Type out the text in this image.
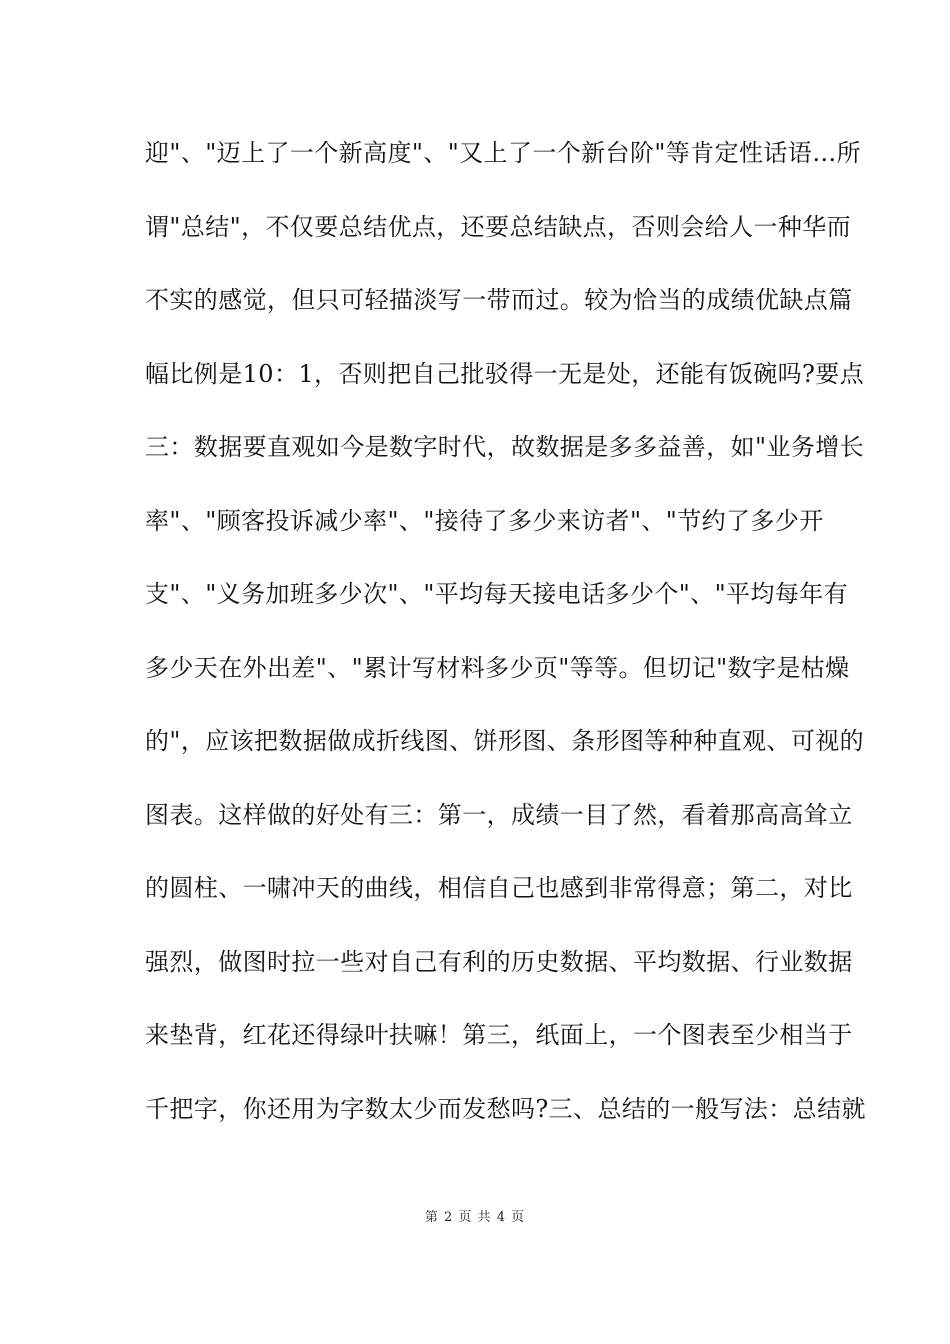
迎"、"迈上了一个新高度"、"又上了一个新台阶"等肯定性话语…所
谓"总结"，不仅要总结优点，还要总结缺点，否则会给人一种华而
不实的感觉，但只可轻描淡写一带而过。较为恰当的成绩优缺点篇
幅比例是10：1，否则把自己批驳得一无是处，还能有饭碗吗?要点
三：数据要直观如今是数字时代，故数据是多多益善，如"业务增长
率"、"顾客投诉减少率"、"接待了多少来访者"、"节约了多少开
支"、"义务加班多少次"、"平均每天接电话多少个"、"平均每年有
多少天在外出差"、"累计写材料多少页"等等。但切记"数字是枯燥
的"，应该把数据做成折线图、饼形图、条形图等种种直观、可视的
图表。这样做的好处有三：第一，成绩一目了然，看着那高高耸立
的圆柱、一啸冲天的曲线，相信自己也感到非常得意；第二，对比
强烈，做图时拉一些对自己有利的历史数据、平均数据、行业数据
来垫背，红花还得绿叶扶嘛！第三，纸面上，一个图表至少相当于
千把字，你还用为字数太少而发愁吗?三、总结的一般写法：总结就
第 2 页 共 4 页
